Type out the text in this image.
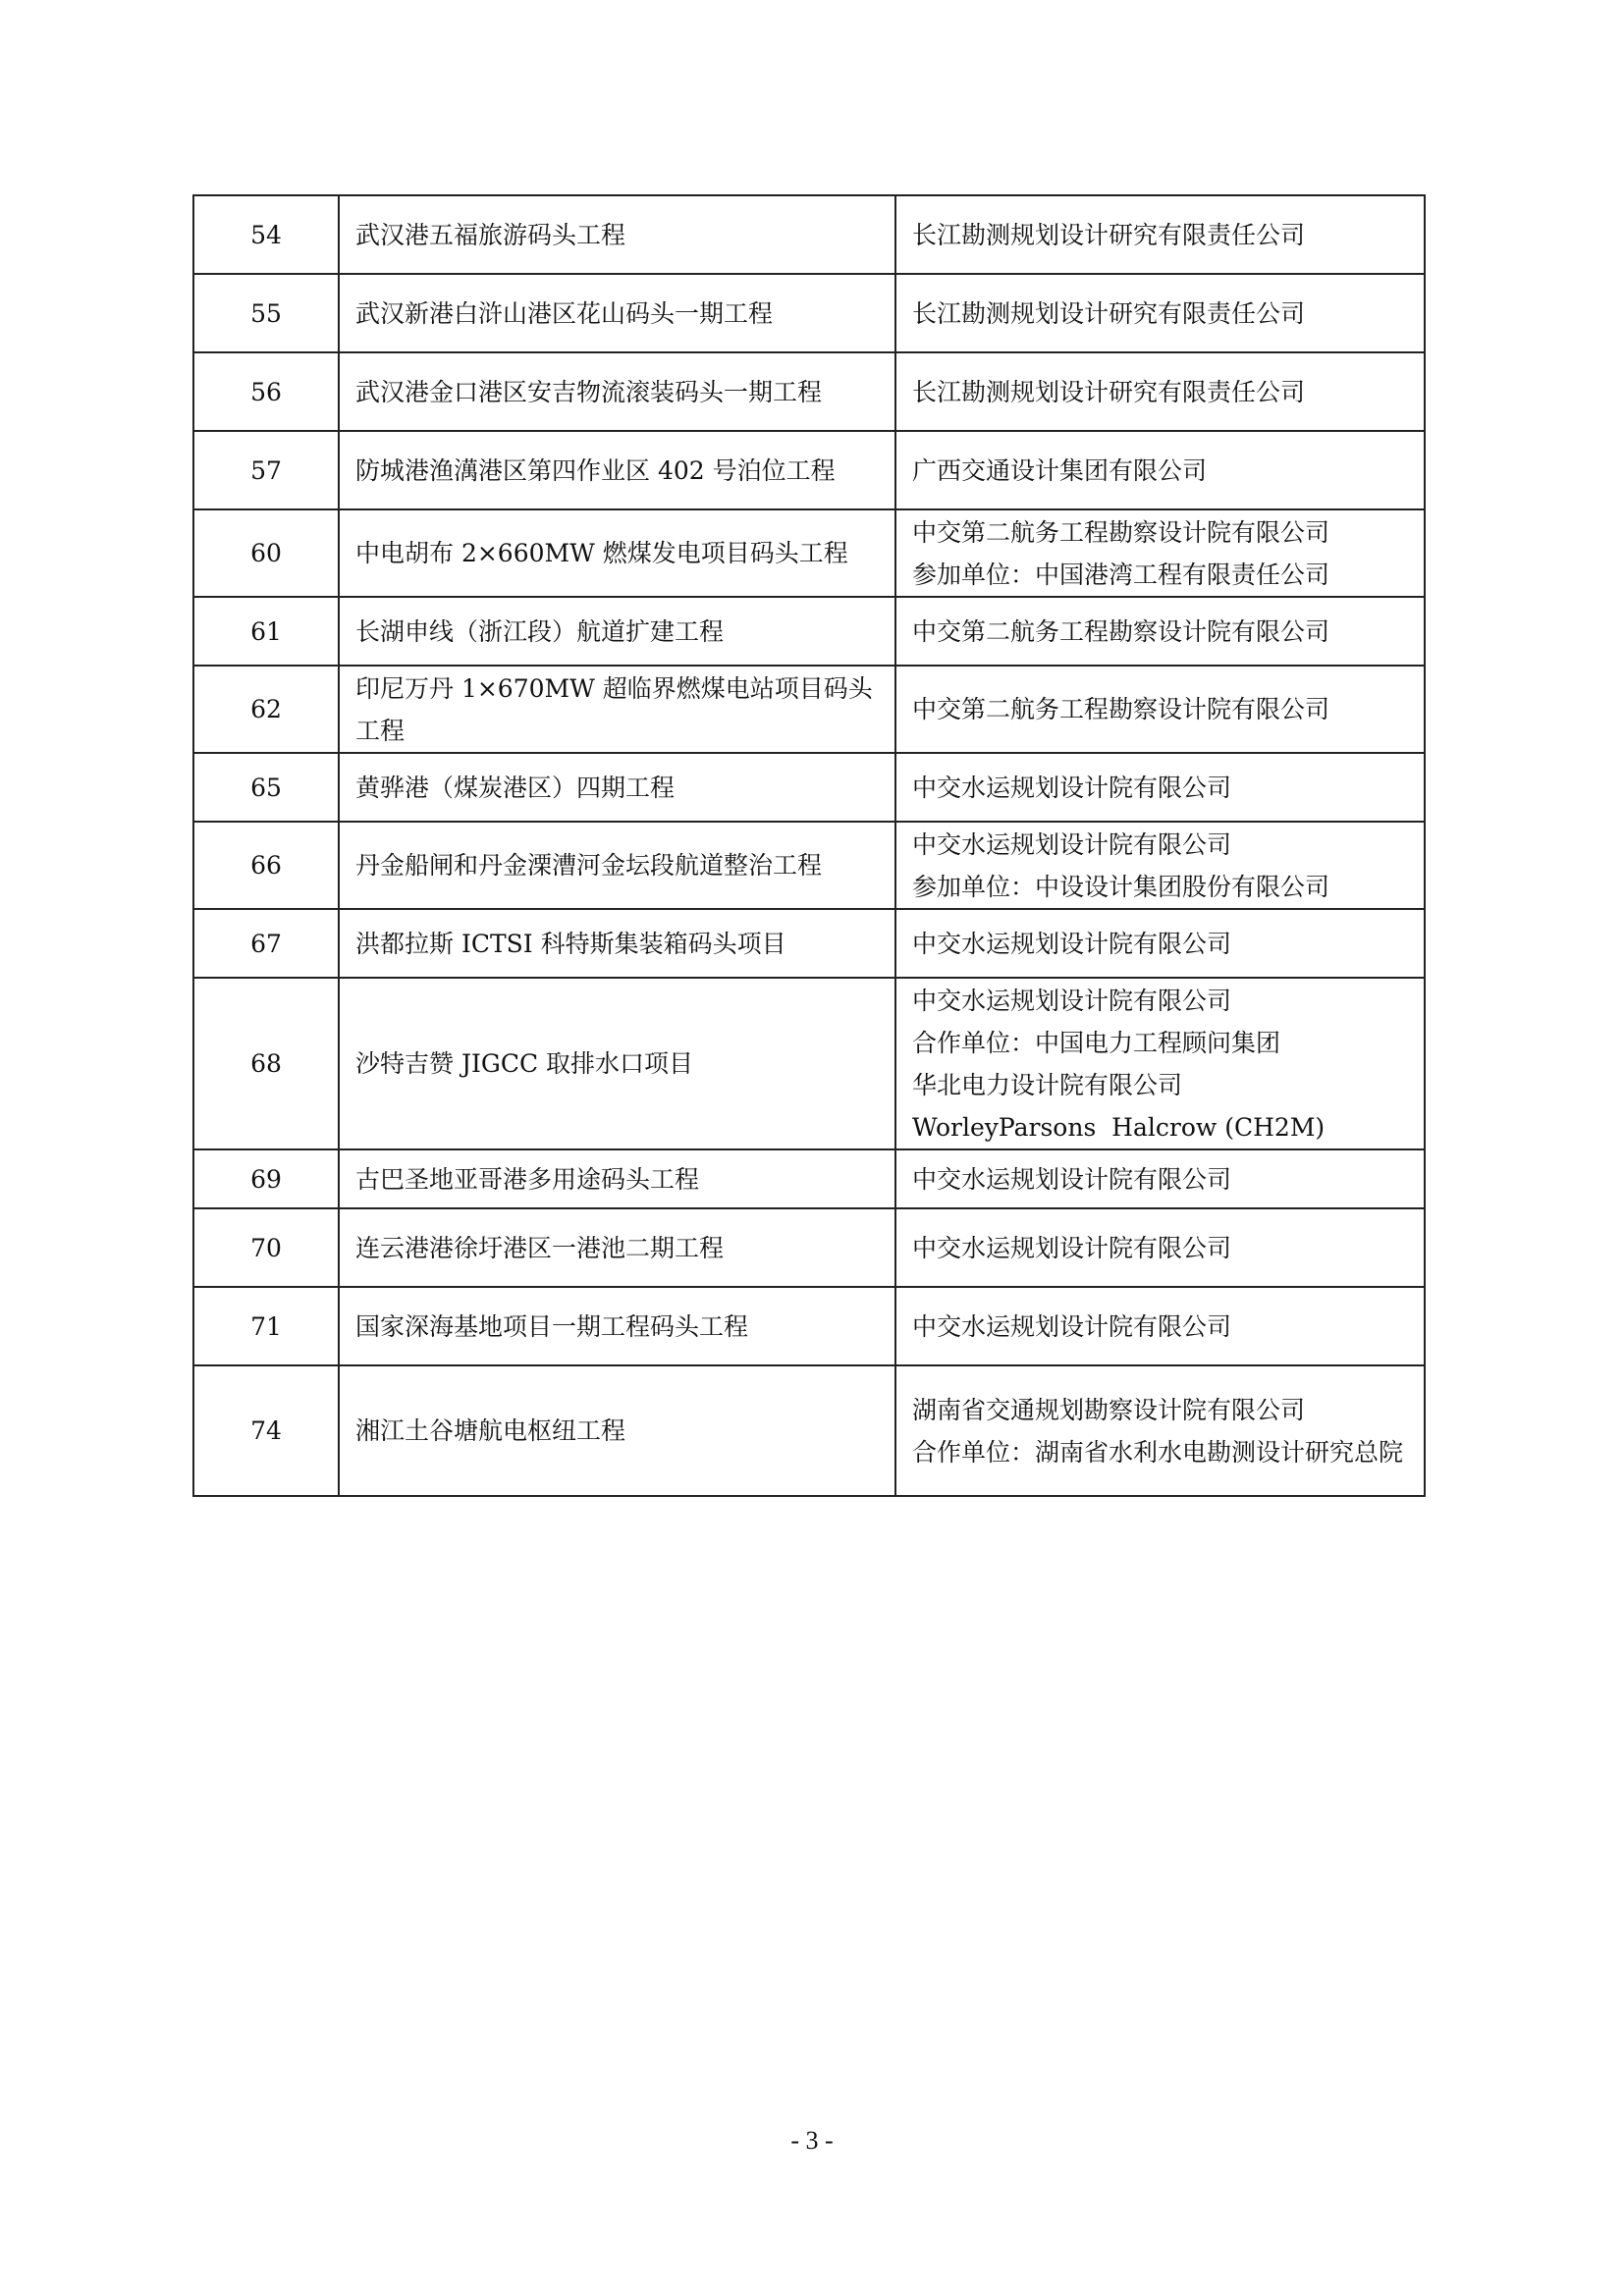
54	武汉港五福旅游码头工程	长江勘测规划设计研究有限责任公司

55	武汉新港白浒山港区花山码头一期工程	长江勘测规划设计研究有限责任公司

56	武汉港金口港区安吉物流滚装码头一期工程	长江勘测规划设计研究有限责任公司

57	防城港渔澫港区第四作业区 402 号泊位工程	广西交通设计集团有限公司

60	中电胡布 2×660MW 燃煤发电项目码头工程	中交第二航务工程勘察设计院有限公司
参加单位：中国港湾工程有限责任公司

61	长湖申线（浙江段）航道扩建工程	中交第二航务工程勘察设计院有限公司

62	印尼万丹 1×670MW 超临界燃煤电站项目码头工程	中交第二航务工程勘察设计院有限公司

65	黄骅港（煤炭港区）四期工程	中交水运规划设计院有限公司

66	丹金船闸和丹金溧漕河金坛段航道整治工程	中交水运规划设计院有限公司
参加单位：中设设计集团股份有限公司

67	洪都拉斯 ICTSI 科特斯集装箱码头项目	中交水运规划设计院有限公司

68	沙特吉赞 JIGCC 取排水口项目	中交水运规划设计院有限公司
合作单位：中国电力工程顾问集团
华北电力设计院有限公司
WorleyParsons  Halcrow (CH2M)

69	古巴圣地亚哥港多用途码头工程	中交水运规划设计院有限公司

70	连云港港徐圩港区一港池二期工程	中交水运规划设计院有限公司

71	国家深海基地项目一期工程码头工程	中交水运规划设计院有限公司

74	湘江土谷塘航电枢纽工程	湖南省交通规划勘察设计院有限公司
合作单位：湖南省水利水电勘测设计研究总院
- 3 -
